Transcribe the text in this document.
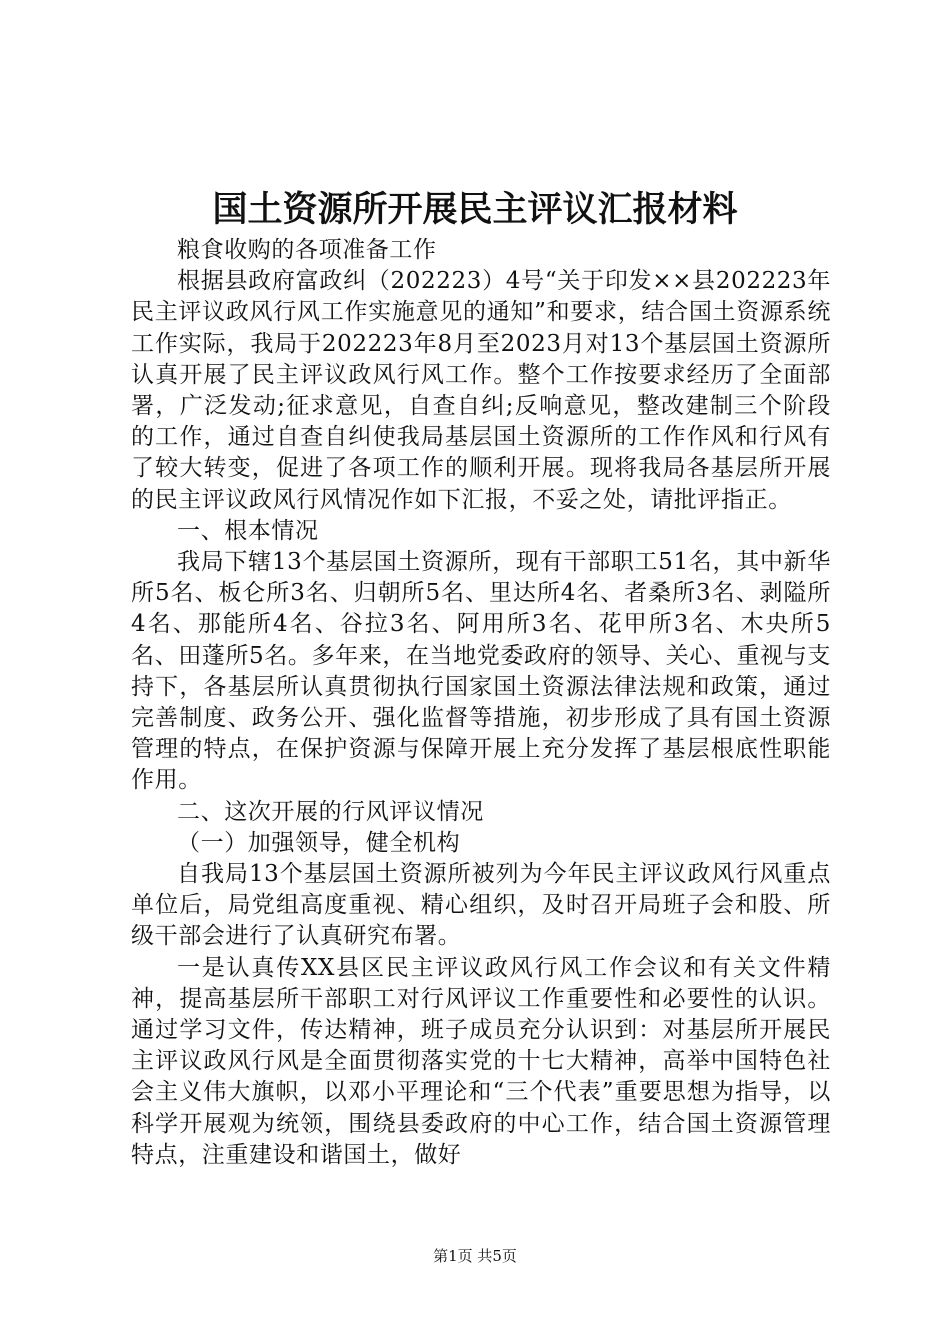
国土资源所开展民主评议汇报材料

粮食收购的各项准备工作

根据县政府富政纠（202223）4号“关于印发××县202223年民主评议政风行风工作实施意见的通知”和要求，结合国土资源系统工作实际，我局于202223年8月至2023月对13个基层国土资源所认真开展了民主评议政风行风工作。整个工作按要求经历了全面部署，广泛发动;征求意见，自查自纠;反响意见，整改建制三个阶段的工作，通过自查自纠使我局基层国土资源所的工作作风和行风有了较大转变，促进了各项工作的顺利开展。现将我局各基层所开展的民主评议政风行风情况作如下汇报，不妥之处，请批评指正。

一、根本情况

我局下辖13个基层国土资源所，现有干部职工51名，其中新华所5名、板仑所3名、归朝所5名、里达所4名、者桑所3名、剥隘所4名、那能所4名、谷拉3名、阿用所3名、花甲所3名、木央所5名、田蓬所5名。多年来，在当地党委政府的领导、关心、重视与支持下，各基层所认真贯彻执行国家国土资源法律法规和政策，通过完善制度、政务公开、强化监督等措施，初步形成了具有国土资源管理的特点，在保护资源与保障开展上充分发挥了基层根底性职能作用。

二、这次开展的行风评议情况

（一）加强领导，健全机构

自我局13个基层国土资源所被列为今年民主评议政风行风重点单位后，局党组高度重视、精心组织，及时召开局班子会和股、所级干部会进行了认真研究布署。

一是认真传XX县区民主评议政风行风工作会议和有关文件精神，提高基层所干部职工对行风评议工作重要性和必要性的认识。通过学习文件，传达精神，班子成员充分认识到：对基层所开展民主评议政风行风是全面贯彻落实党的十七大精神，高举中国特色社会主义伟大旗帜，以邓小平理论和“三个代表”重要思想为指导，以科学开展观为统领，围绕县委政府的中心工作，结合国土资源管理特点，注重建设和谐国土，做好

第1页 共5页
